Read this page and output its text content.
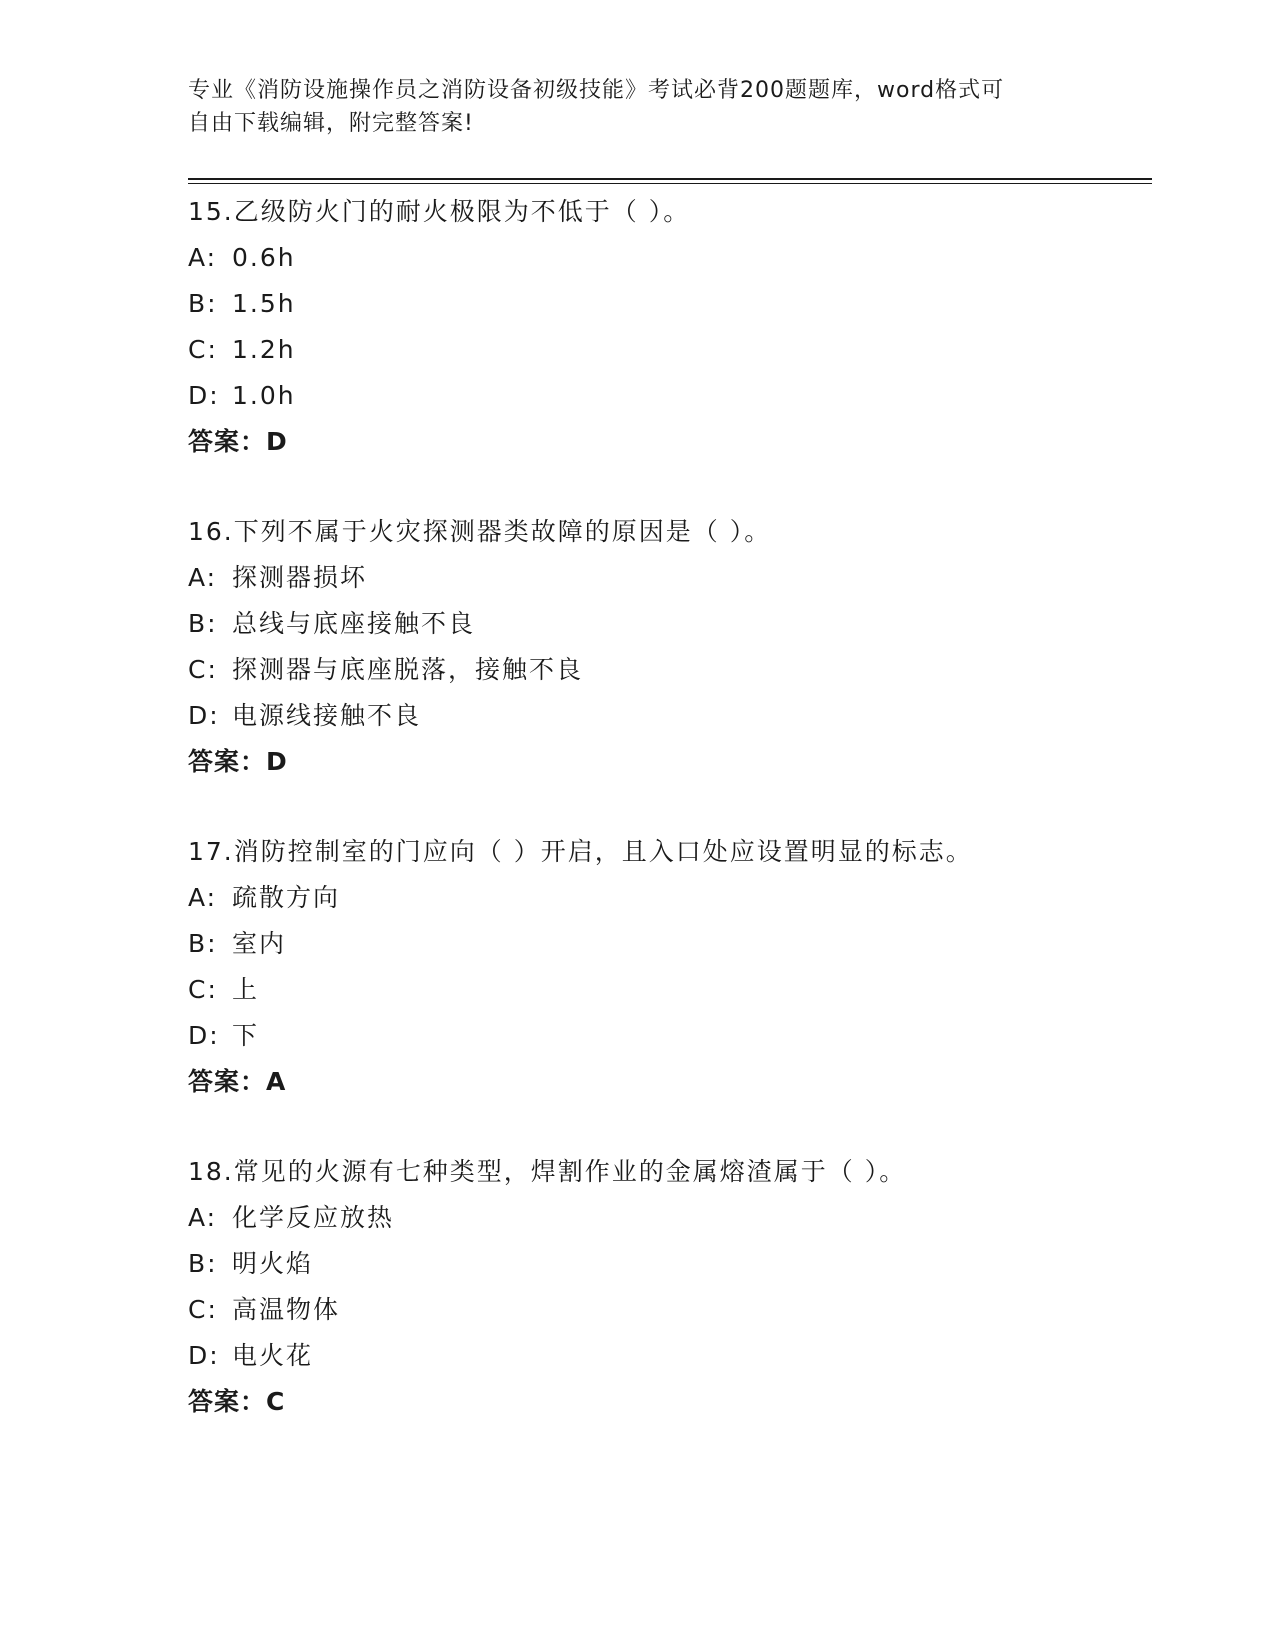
专业《消防设施操作员之消防设备初级技能》考试必背200题题库，word格式可
自由下载编辑，附完整答案!
15.乙级防火门的耐火极限为不低于（ ）。
A: 0.6h
B: 1.5h
C: 1.2h
D: 1.0h
答案：D
16.下列不属于火灾探测器类故障的原因是（ ）。
A: 探测器损坏
B: 总线与底座接触不良
C: 探测器与底座脱落，接触不良
D: 电源线接触不良
答案：D
17.消防控制室的门应向（ ）开启，且入口处应设置明显的标志。
A: 疏散方向
B: 室内
C: 上
D: 下
答案：A
18.常见的火源有七种类型，焊割作业的金属熔渣属于（ ）。
A: 化学反应放热
B: 明火焰
C: 高温物体
D: 电火花
答案：C
